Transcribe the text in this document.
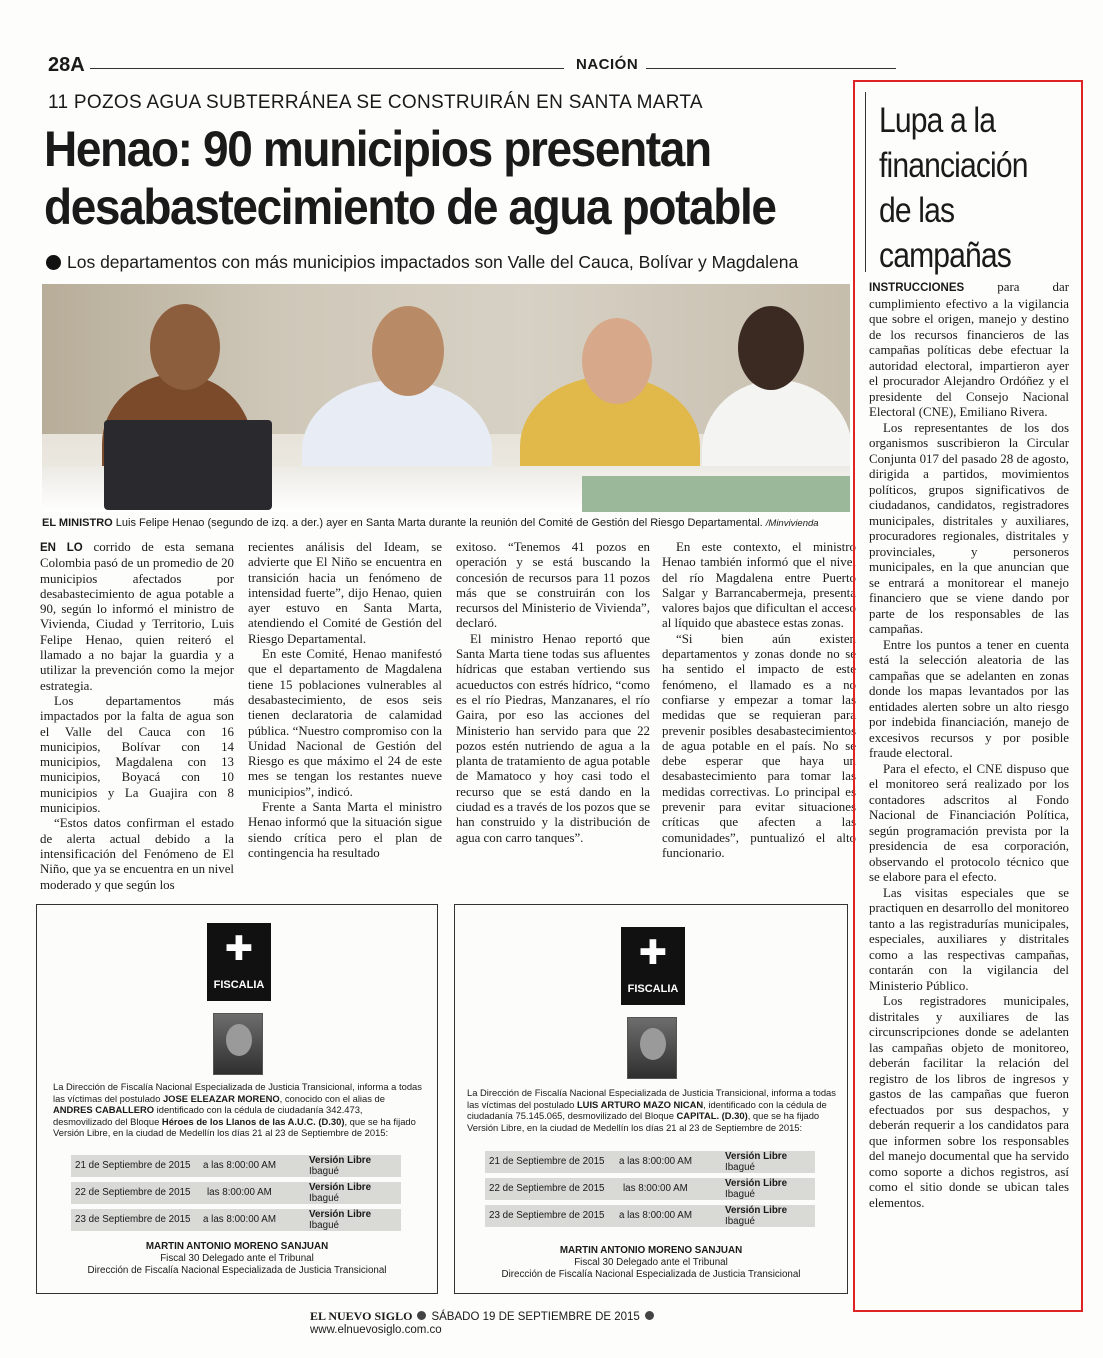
28A	NACIÓN
11 POZOS AGUA SUBTERRÁNEA SE CONSTRUIRÁN EN SANTA MARTA
Henao: 90 municipios presentan
desabastecimiento de agua potable
Los departamentos con más municipios impactados son Valle del Cauca, Bolívar y Magdalena
EL MINISTRO Luis Felipe Henao (segundo de izq. a der.) ayer en Santa Marta durante la reunión del Comité de Gestión del Riesgo Departamental. /Minvivienda

EN LO corrido de esta semana Colombia pasó de un promedio de 20 municipios afectados por desabastecimiento de agua potable a 90, según lo informó el ministro de Vivienda, Ciudad y Territorio, Luis Felipe Henao, quien reiteró el llamado a no bajar la guardia y a utilizar la prevención como la mejor estrategia.

Los departamentos más impactados por la falta de agua son el Valle del Cauca con 16 municipios, Bolívar con 14 municipios, Magdalena con 13 municipios, Boyacá con 10 municipios y La Guajira con 8 municipios.

“Estos datos confirman el estado de alerta actual debido a la intensificación del Fenómeno de El Niño, que ya se encuentra en un nivel moderado y que según los

recientes análisis del Ideam, se advierte que El Niño se encuentra en transición hacia un fenómeno de intensidad fuerte”, dijo Henao, quien ayer estuvo en Santa Marta, atendiendo el Comité de Gestión del Riesgo Departamental.

En este Comité, Henao manifestó que el departamento de Magdalena tiene 15 poblaciones vulnerables al desabastecimiento, de esos seis tienen declaratoria de calamidad pública. “Nuestro compromiso con la Unidad Nacional de Gestión del Riesgo es que máximo el 24 de este mes se tengan los restantes nueve municipios”, indicó.

Frente a Santa Marta el ministro Henao informó que la situación sigue siendo crítica pero el plan de contingencia ha resultado

exitoso. “Tenemos 41 pozos en operación y se está buscando la concesión de recursos para 11 pozos más que se construirán con los recursos del Ministerio de Vivienda”, declaró.

El ministro Henao reportó que Santa Marta tiene todas sus afluentes hídricas que estaban vertiendo sus acueductos con estrés hídrico, “como es el río Piedras, Manzanares, el río Gaira, por eso las acciones del Ministerio han servido para que 22 pozos estén nutriendo de agua a la planta de tratamiento de agua potable de Mamatoco y hoy casi todo el recurso que se está dando en la ciudad es a través de los pozos que se han construido y la distribución de agua con carro tanques”.

En este contexto, el ministro Henao también informó que el nivel del río Magdalena entre Puerto Salgar y Barrancabermeja, presenta valores bajos que dificultan el acceso al líquido que abastece estas zonas.

“Si bien aún existen departamentos y zonas donde no se ha sentido el impacto de este fenómeno, el llamado es a no confiarse y empezar a tomar las medidas que se requieran para prevenir posibles desabastecimientos de agua potable en el país. No se debe esperar que haya un desabastecimiento para tomar las medidas correctivas. Lo principal es prevenir para evitar situaciones críticas que afecten a las comunidades”, puntualizó el alto funcionario.

✚
FISCALIA
La Dirección de Fiscalía Nacional Especializada de Justicia Transicional, informa a todas las víctimas del postulado JOSE ELEAZAR MORENO, conocido con el alias de ANDRES CABALLERO identificado con la cédula de ciudadanía 342.473, desmovilizado del Bloque Héroes de los Llanos de las A.U.C. (D.30), que se ha fijado Versión Libre, en la ciudad de Medellín los días 21 al 23 de Septiembre de 2015:
21 de Septiembre de 2015 a las 8:00:00 AM	Versión Libre
Ibagué
22 de Septiembre de 2015 las 8:00:00 AM	Versión Libre
Ibagué
23 de Septiembre de 2015 a las 8:00:00 AM	Versión Libre
Ibagué
MARTIN ANTONIO MORENO SANJUAN
Fiscal 30 Delegado ante el Tribunal
Dirección de Fiscalía Nacional Especializada de Justicia Transicional
✚
FISCALIA
La Dirección de Fiscalía Nacional Especializada de Justicia Transicional, informa a todas las víctimas del postulado LUIS ARTURO MAZO NICAN, identificado con la cédula de ciudadanía 75.145.065, desmovilizado del Bloque CAPITAL. (D.30), que se ha fijado Versión Libre, en la ciudad de Medellín los días 21 al 23 de Septiembre de 2015:
21 de Septiembre de 2015 a las 8:00:00 AM	Versión Libre
Ibagué
22 de Septiembre de 2015 las 8:00:00 AM	Versión Libre
Ibagué
23 de Septiembre de 2015 a las 8:00:00 AM	Versión Libre
Ibagué
MARTIN ANTONIO MORENO SANJUAN
Fiscal 30 Delegado ante el Tribunal
Dirección de Fiscalía Nacional Especializada de Justicia Transicional
EL NUEVO SIGLO SÁBADO 19 DE SEPTIEMBRE DE 2015www.elnuevosiglo.com.co
Lupa a la
financiación
de las
campañas

INSTRUCCIONES para dar cumplimiento efectivo a la vigilancia que sobre el origen, manejo y destino de los recursos financieros de las campañas políticas debe efectuar la autoridad electoral, impartieron ayer el procurador Alejandro Ordóñez y el presidente del Consejo Nacional Electoral (CNE), Emiliano Rivera.

Los representantes de los dos organismos suscribieron la Circular Conjunta 017 del pasado 28 de agosto, dirigida a partidos, movimientos políticos, grupos significativos de ciudadanos, candidatos, registradores municipales, distritales y auxiliares, procuradores regionales, distritales y provinciales, y personeros municipales, en la que anuncian que se entrará a monitorear el manejo financiero que se viene dando por parte de los responsables de las campañas.

Entre los puntos a tener en cuenta está la selección aleatoria de las campañas que se adelanten en zonas donde los mapas levantados por las entidades alerten sobre un alto riesgo por indebida financiación, manejo de excesivos recursos y por posible fraude electoral.

Para el efecto, el CNE dispuso que el monitoreo será realizado por los contadores adscritos al Fondo Nacional de Financiación Política, según programación prevista por la presidencia de esa corporación, observando el protocolo técnico que se elabore para el efecto.

Las visitas especiales que se practiquen en desarrollo del monitoreo tanto a las registradurías municipales, especiales, auxiliares y distritales como a las respectivas campañas, contarán con la vigilancia del Ministerio Público.

Los registradores municipales, distritales y auxiliares de las circunscripciones donde se adelanten las campañas objeto de monitoreo, deberán facilitar la relación del registro de los libros de ingresos y gastos de las campañas que fueron efectuados por sus despachos, y deberán requerir a los candidatos para que informen sobre los responsables del manejo documental que ha servido como soporte a dichos registros, así como el sitio donde se ubican tales elementos.
